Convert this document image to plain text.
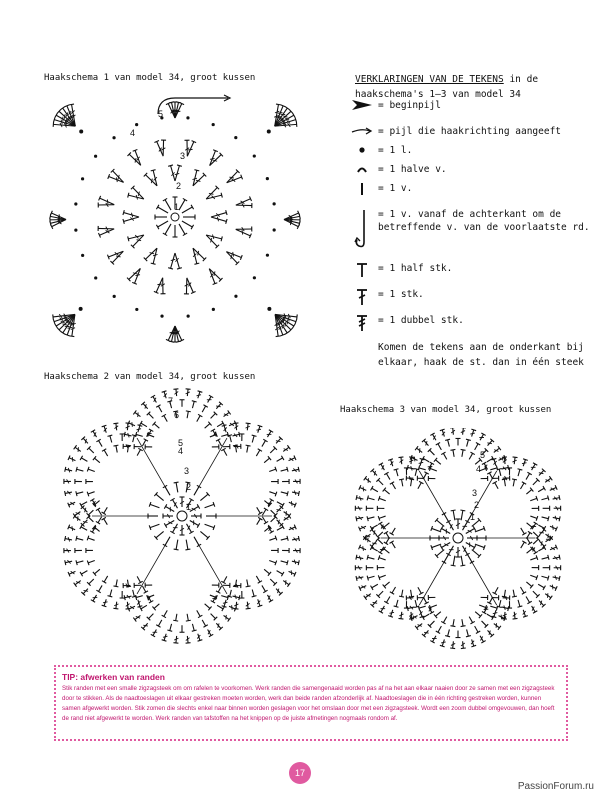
Haakschema 1 van model 34, groot kussen
1
2
3
4
5
VERKLARINGEN VAN DE TEKENS in de
haakschema's 1–3 van model 34
= beginpijl
= pijl die haakrichting aangeeft
= 1 l.
= 1 halve v.
= 1 v.
= 1 v. vanaf de achterkant om de betreffende v. van de voorlaatste rd.
= 1 half stk.
= 1 stk.
= 1 dubbel stk.
Komen de tekens aan de onderkant bij elkaar, haak de st. dan in één steek
Haakschema 2 van model 34, groot kussen
1
2
3
4
5
6
7
Haakschema 3 van model 34, groot kussen
1
2
3
4
5
TIP: afwerken van randen
Stik randen met een smalle zigzagsteek om om rafelen te voorkomen. Werk randen die samengenaaid worden pas af na het aan elkaar naaien door ze samen met een zigzagsteek door te stikken. Als de naadtoeslagen uit elkaar gestreken moeten worden, werk dan beide randen afzonderlijk af. Naadtoeslagen die in één richting gestreken worden, kunnen samen afgewerkt worden. Stik zomen die slechts enkel naar binnen worden geslagen voor het omslaan door met een zigzagsteek. Wordt een zoom dubbel omgevouwen, dan hoeft de rand niet afgewerkt te worden. Werk randen van tafstoffen na het knippen op de juiste afmetingen nogmaals rondom af.
17
PassionForum.ru
